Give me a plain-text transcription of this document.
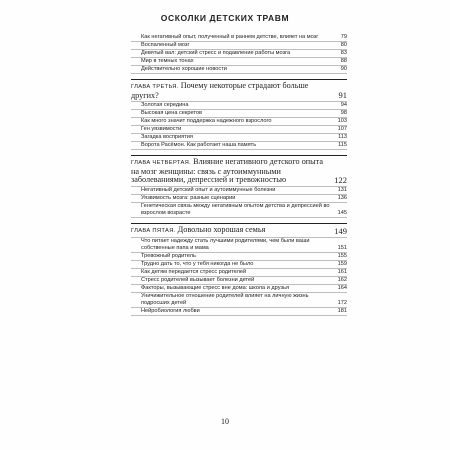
ОСКОЛКИ ДЕТСКИХ ТРАВМ
Как негативный опыт, полученный в раннем детстве, влияет на мозг	79
Воспаленный мозг	80
Девятый вал: детский стресс и подавление работы мозга	83
Мир в темных тонах	88
Действительно хорошие новости	90
ГЛАВА ТРЕТЬЯ. Почему некоторые страдают больше других?	91
Золотая середина	94
Высокая цена секретов	98
Как много значит поддержка надежного взрослого	103
Ген уязвимости	107
Загадка восприятия	113
Ворота Расёмон. Как работает наша память	115
ГЛАВА ЧЕТВЕРТАЯ. Влияние негативного детского опыта на мозг женщины: связь с аутоиммунными заболеваниями, депрессией и тревожностью	122
Негативный детский опыт и аутоиммунные болезни	131
Уязвимость мозга: разные сценарии	136
Генетическая связь между негативным опытом детства и депрессией во взрослом возрасте	145
ГЛАВА ПЯТАЯ. Довольно хорошая семья	149
Что питает надежду стать лучшими родителями, чем были ваши собственные папа и мама	151
Тревожный родитель	155
Трудно дать то, что у тебя никогда не было	159
Как детям передается стресс родителей	161
Стресс родителей вызывает болезни детей	162
Факторы, вызывающие стресс вне дома: школа и друзья	164
Уничижительное отношение родителей влияет на личную жизнь подросших детей	172
Нейробиология любви	181
10
